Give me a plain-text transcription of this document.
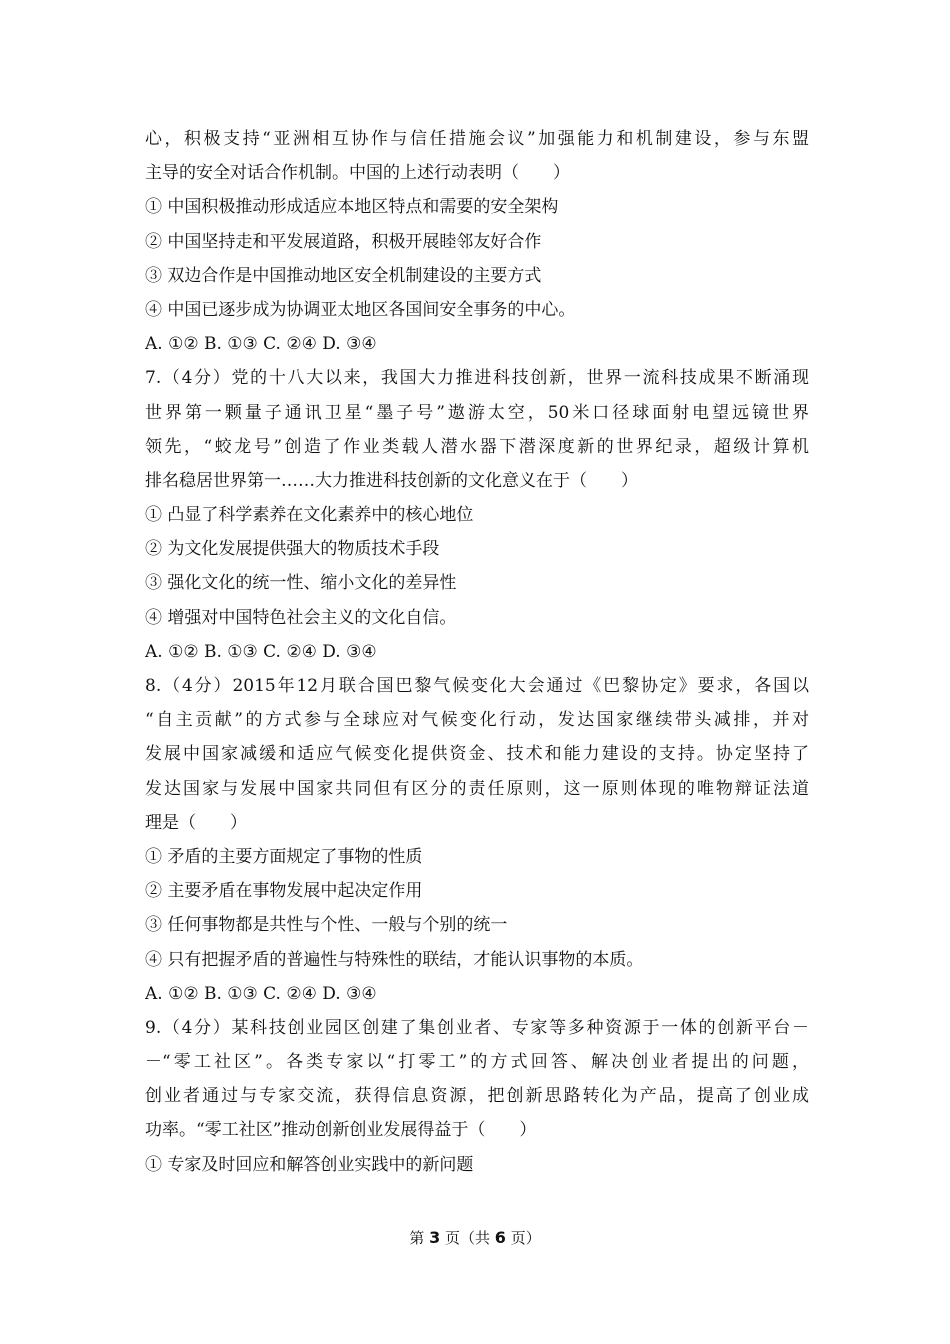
心，积极支持“亚洲相互协作与信任措施会议”加强能力和机制建设，参与东盟
主导的安全对话合作机制。中国的上述行动表明（　　）
① 中国积极推动形成适应本地区特点和需要的安全架构
② 中国坚持走和平发展道路，积极开展睦邻友好合作
③ 双边合作是中国推动地区安全机制建设的主要方式
④ 中国已逐步成为协调亚太地区各国间安全事务的中心。
A. ①② B. ①③ C. ②④ D. ③④
7.（4分）党的十八大以来，我国大力推进科技创新，世界一流科技成果不断涌现
世界第一颗量子通讯卫星“墨子号”遨游太空，50米口径球面射电望远镜世界
领先，“蛟龙号”创造了作业类载人潜水器下潜深度新的世界纪录，超级计算机
排名稳居世界第一……大力推进科技创新的文化意义在于（　　）
① 凸显了科学素养在文化素养中的核心地位
② 为文化发展提供强大的物质技术手段
③ 强化文化的统一性、缩小文化的差异性
④ 增强对中国特色社会主义的文化自信。
A. ①② B. ①③ C. ②④ D. ③④
8.（4分）2015年12月联合国巴黎气候变化大会通过《巴黎协定》要求，各国以
“自主贡献”的方式参与全球应对气候变化行动，发达国家继续带头减排，并对
发展中国家减缓和适应气候变化提供资金、技术和能力建设的支持。协定坚持了
发达国家与发展中国家共同但有区分的责任原则，这一原则体现的唯物辩证法道
理是（　　）
① 矛盾的主要方面规定了事物的性质
② 主要矛盾在事物发展中起决定作用
③ 任何事物都是共性与个性、一般与个别的统一
④ 只有把握矛盾的普遍性与特殊性的联结，才能认识事物的本质。
A. ①② B. ①③ C. ②④ D. ③④
9.（4分）某科技创业园区创建了集创业者、专家等多种资源于一体的创新平台－
－“零工社区”。各类专家以“打零工”的方式回答、解决创业者提出的问题，
创业者通过与专家交流，获得信息资源，把创新思路转化为产品，提高了创业成
功率。“零工社区”推动创新创业发展得益于（　　）
① 专家及时回应和解答创业实践中的新问题
第 3 页（共 6 页）
